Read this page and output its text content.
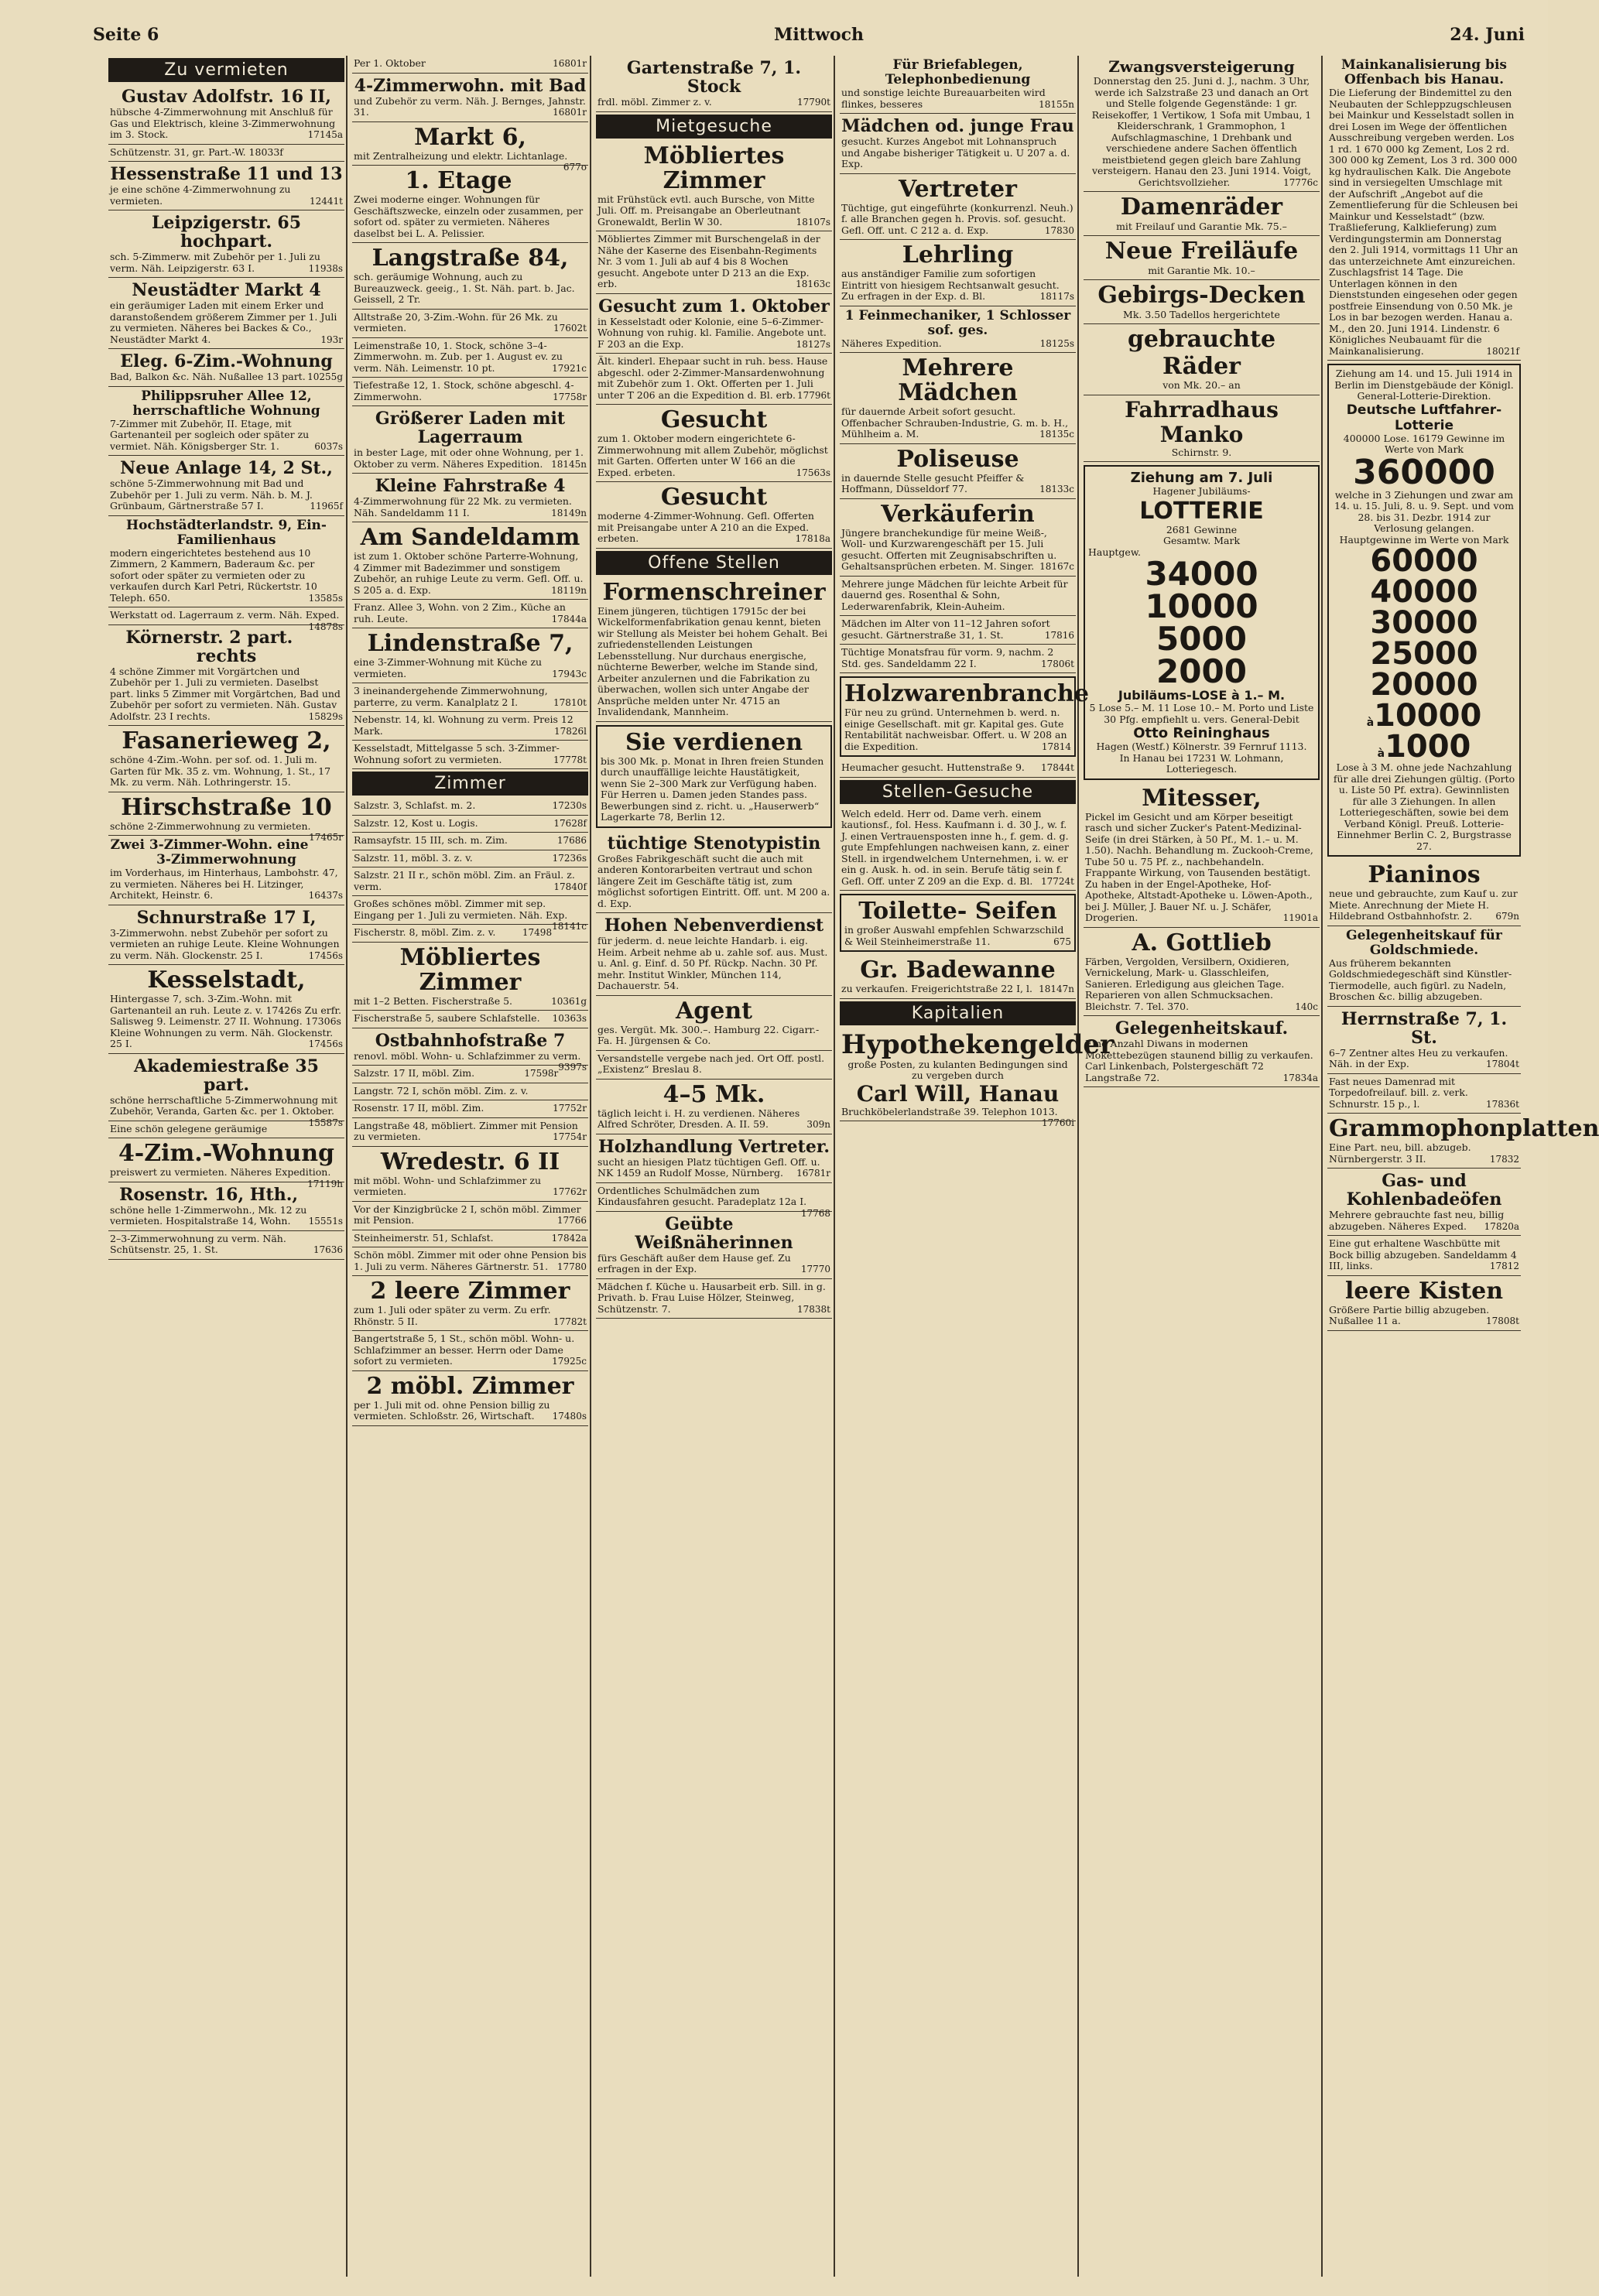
Seite 6	Mittwoch	24. Juni
Zu vermieten
Gustav Adolfstr. 16 II,
hübsche 4-Zimmerwohnung mit Anschluß für Gas und Elektrisch, kleine 3-Zimmerwohnung im 3. Stock.	17145a
Schützenstr. 31, gr. Part.-W. 18033f
Hessenstraße 11 und 13
je eine schöne 4-Zimmerwohnung zu vermieten.	12441t
Leipzigerstr. 65 hochpart.
sch. 5-Zimmerw. mit Zubehör per 1. Juli zu verm. Näh. Leipzigerstr. 63 I.	11938s
Neustädter Markt 4
ein geräumiger Laden mit einem Erker und daranstoßendem größerem Zimmer per 1. Juli zu vermieten. Näheres bei Backes & Co., Neustädter Markt 4.	193r
Eleg. 6-Zim.-Wohnung
Bad, Balkon &c. Näh. Nußallee 13 part. 10255g
Philippsruher Allee 12, herrschaftliche Wohnung
7-Zimmer mit Zubehör, II. Etage, mit Gartenanteil per sogleich oder später zu vermiet. Näh. Königsberger Str. 1.	6037s
Neue Anlage 14, 2 St.,
schöne 5-Zimmerwohnung mit Bad und Zubehör per 1. Juli zu verm. Näh. b. M. J. Grünbaum, Gärtnerstraße 57 I.	11965f
Hochstädterlandstr. 9, Ein-Familienhaus
modern eingerichtetes bestehend aus 10 Zimmern, 2 Kammern, Baderaum &c. per sofort oder später zu vermieten oder zu verkaufen durch Karl Petri, Rückertstr. 10 Teleph. 650.	13585s
Werkstatt od. Lagerraum z. verm. Näh. Exped.
14878s
Körnerstr. 2 part. rechts
4 schöne Zimmer mit Vorgärtchen und Zubehör per 1. Juli zu vermieten. Daselbst part. links 5 Zimmer mit Vorgärtchen, Bad und Zubehör per sofort zu vermieten. Näh. Gustav Adolfstr. 23 I rechts.	15829s
Fasanerieweg 2,
schöne 4-Zim.-Wohn. per sof. od. 1. Juli m. Garten für Mk. 35 z. vm. Wohnung, 1. St., 17 Mk. zu verm. Näh. Lothringerstr. 15.
Hirschstraße 10
schöne 2-Zimmerwohnung zu vermieten.
17465r
Zwei 3-Zimmer-Wohn. eine 3-Zimmerwohnung
im Vorderhaus, im Hinterhaus, Lambohstr. 47, zu vermieten. Näheres bei H. Litzinger, Architekt, Heinstr. 6.	16437s
Schnurstraße 17 I,
3-Zimmerwohn. nebst Zubehör per sofort zu vermieten an ruhige Leute. Kleine Wohnungen zu verm. Näh. Glockenstr. 25 I.	17456s
Kesselstadt,
Hintergasse 7, sch. 3-Zim.-Wohn. mit Gartenanteil an ruh. Leute z. v. 17426s Zu erfr. Salisweg 9. Leimenstr. 27 II. Wohnung. 17306s Kleine Wohnungen zu verm. Näh. Glockenstr. 25 I.	17456s
Akademiestraße 35 part.
schöne herrschaftliche 5-Zimmerwohnung mit Zubehör, Veranda, Garten &c. per 1. Oktober.
15587s
Eine schön gelegene geräumige
4-Zim.-Wohnung
preiswert zu vermieten. Näheres Expedition.
17119h
Rosenstr. 16, Hth.,
schöne helle 1-Zimmerwohn., Mk. 12 zu vermieten. Hospitalstraße 14, Wohn. 15551s
2–3-Zimmerwohnung zu verm. Näh. Schütsenstr. 25, 1. St.	17636
Per 1. Oktober	16801r
4-Zimmerwohn. mit Bad
und Zubehör zu verm. Näh. J. Bernges, Jahnstr. 31.	16801r
Markt 6,
mit Zentralheizung und elektr. Lichtanlage.
677o
1. Etage
Zwei moderne einger. Wohnungen für Geschäftszwecke, einzeln oder zusammen, per sofort od. später zu vermieten. Näheres daselbst bei L. A. Pelissier.
Langstraße 84,
sch. geräumige Wohnung, auch zu Bureauzweck. geeig., 1. St. Näh. part. b. Jac. Geissell, 2 Tr.
Alltstraße 20, 3-Zim.-Wohn. für 26 Mk. zu vermieten.	17602t
Leimenstraße 10, 1. Stock, schöne 3–4-Zimmerwohn. m. Zub. per 1. August ev. zu verm. Näh. Leimenstr. 10 pt.	17921c
Tiefestraße 12, 1. Stock, schöne abgeschl. 4-Zimmerwohn.	17758r
Größerer Laden mit Lagerraum
in bester Lage, mit oder ohne Wohnung, per 1. Oktober zu verm. Näheres Expedition. 18145n
Kleine Fahrstraße 4
4-Zimmerwohnung für 22 Mk. zu vermieten. Näh. Sandeldamm 11 I.	18149n
Am Sandeldamm
ist zum 1. Oktober schöne Parterre-Wohnung, 4 Zimmer mit Badezimmer und sonstigem Zubehör, an ruhige Leute zu verm. Gefl. Off. u. S 205 a. d. Exp.	18119n
Franz. Allee 3, Wohn. von 2 Zim., Küche an ruh. Leute.	17844a
Lindenstraße 7,
eine 3-Zimmer-Wohnung mit Küche zu vermieten.	17943c
3 ineinandergehende Zimmerwohnung, parterre, zu verm. Kanalplatz 2 I.	17810t
Nebenstr. 14, kl. Wohnung zu verm. Preis 12 Mark.	17826l
Kesselstadt, Mittelgasse 5 sch. 3-Zimmer-Wohnung sofort zu vermieten.	17778t
Zimmer
Salzstr. 3, Schlafst. m. 2.	17230s
Salzstr. 12, Kost u. Logis.	17628f
Ramsayfstr. 15 III, sch. m. Zim.	17686
Salzstr. 11, möbl. 3. z. v.	17236s
Salzstr. 21 II r., schön möbl. Zim. an Fräul. z. verm.	17840f
Großes schönes möbl. Zimmer mit sep. Eingang per 1. Juli zu vermieten. Näh. Exp.
18141c
Fischerstr. 8, möbl. Zim. z. v.	17498
Möbliertes Zimmer
mit 1–2 Betten. Fischerstraße 5.	10361g
Fischerstraße 5, saubere Schlafstelle. 10363s
Ostbahnhofstraße 7
renovl. möbl. Wohn- u. Schlafzimmer zu verm.
9397s
Salzstr. 17 II, möbl. Zim.	17598r
Langstr. 72 I, schön möbl. Zim. z. v.
Rosenstr. 17 II, möbl. Zim.	17752r
Langstraße 48, möbliert. Zimmer mit Pension zu vermieten.	17754r
Wredestr. 6 II
mit möbl. Wohn- und Schlafzimmer zu vermieten.	17762r
Vor der Kinzigbrücke 2 I, schön möbl. Zimmer mit Pension.	17766
Steinheimerstr. 51, Schlafst.	17842a
Schön möbl. Zimmer mit oder ohne Pension bis 1. Juli zu verm. Näheres Gärtnerstr. 51. 17780
2 leere Zimmer
zum 1. Juli oder später zu verm. Zu erfr. Rhönstr. 5 II.	17782t
Bangertstraße 5, 1 St., schön möbl. Wohn- u. Schlafzimmer an besser. Herrn oder Dame sofort zu vermieten.	17925c
2 möbl. Zimmer
per 1. Juli mit od. ohne Pension billig zu vermieten. Schloßstr. 26, Wirtschaft. 17480s
Gartenstraße 7, 1. Stock
frdl. möbl. Zimmer z. v.	17790t
Mietgesuche
Möbliertes Zimmer
mit Frühstück evtl. auch Bursche, von Mitte Juli. Off. m. Preisangabe an Oberleutnant Gronewaldt, Berlin W 30.	18107s
Möbliertes Zimmer mit Burschengelaß in der Nähe der Kaserne des Eisenbahn-Regiments Nr. 3 vom 1. Juli ab auf 4 bis 8 Wochen gesucht. Angebote unter D 213 an die Exp. erb.	18163c
Gesucht zum 1. Oktober
in Kesselstadt oder Kolonie, eine 5–6-Zimmer-Wohnung von ruhig. kl. Familie. Angebote unt. F 203 an die Exp.	18127s
Ält. kinderl. Ehepaar sucht in ruh. bess. Hause abgeschl. oder 2-Zimmer-Mansardenwohnung mit Zubehör zum 1. Okt. Offerten per 1. Juli unter T 206 an die Expedition d. Bl. erb. 17796t
Gesucht
zum 1. Oktober modern eingerichtete 6-Zimmerwohnung mit allem Zubehör, möglichst mit Garten. Offerten unter W 166 an die Exped. erbeten.	17563s
Gesucht
moderne 4-Zimmer-Wohnung. Gefl. Offerten mit Preisangabe unter A 210 an die Exped. erbeten.	17818a
Offene Stellen
Formenschreiner
Einem jüngeren, tüchtigen 17915c der bei Wickelformenfabrikation genau kennt, bieten wir Stellung als Meister bei hohem Gehalt. Bei zufriedenstellenden Leistungen Lebensstellung. Nur durchaus energische, nüchterne Bewerber, welche im Stande sind, Arbeiter anzulernen und die Fabrikation zu überwachen, wollen sich unter Angabe der Ansprüche melden unter Nr. 4715 an Invalidendank, Mannheim.
Sie verdienen
bis 300 Mk. p. Monat in Ihren freien Stunden durch unauffällige leichte Haustätigkeit, wenn Sie 2–300 Mark zur Verfügung haben. Für Herren u. Damen jeden Standes pass. Bewerbungen sind z. richt. u. „Hauserwerb“ Lagerkarte 78, Berlin 12.
tüchtige Stenotypistin
Großes Fabrikgeschäft sucht die auch mit anderen Kontorarbeiten vertraut und schon längere Zeit im Geschäfte tätig ist, zum möglichst sofortigen Eintritt. Off. unt. M 200 a. d. Exp.
Hohen Nebenverdienst
für jederm. d. neue leichte Handarb. i. eig. Heim. Arbeit nehme ab u. zahle sof. aus. Must. u. Anl. g. Einf. d. 50 Pf. Rückp. Nachn. 30 Pf. mehr. Institut Winkler, München 114, Dachauerstr. 54.
Agent
ges. Vergüt. Mk. 300.–. Hamburg 22. Cigarr.-Fa. H. Jürgensen & Co.
Versandstelle vergebe nach jed. Ort Off. postl. „Existenz“ Breslau 8.
4–5 Mk.
täglich leicht i. H. zu verdienen. Näheres Alfred Schröter, Dresden. A. II. 59.	309n
Holzhandlung Vertreter.
sucht an hiesigen Platz tüchtigen Gefl. Off. u. NK 1459 an Rudolf Mosse, Nürnberg. 16781r
Ordentliches Schulmädchen zum Kindausfahren gesucht. Paradeplatz 12a I.
17768
Geübte Weißnäherinnen
fürs Geschäft außer dem Hause gef. Zu erfragen in der Exp.	17770
Mädchen f. Küche u. Hausarbeit erb. Sill. in g. Privath. b. Frau Luise Hölzer, Steinweg, Schützenstr. 7.	17838t
Für Briefablegen, Telephonbedienung
und sonstige leichte Bureauarbeiten wird flinkes, besseres	18155n
Mädchen od. junge Frau
gesucht. Kurzes Angebot mit Lohnanspruch und Angabe bisheriger Tätigkeit u. U 207 a. d. Exp.
Vertreter
Tüchtige, gut eingeführte (konkurrenzl. Neuh.) f. alle Branchen gegen h. Provis. sof. gesucht. Gefl. Off. unt. C 212 a. d. Exp.	17830
Lehrling
aus anständiger Familie zum sofortigen Eintritt von hiesigem Rechtsanwalt gesucht. Zu erfragen in der Exp. d. Bl.	18117s
1 Feinmechaniker, 1 Schlosser sof. ges.
Näheres Expedition.	18125s
Mehrere Mädchen
für dauernde Arbeit sofort gesucht. Offenbacher Schrauben-Industrie, G. m. b. H., Mühlheim a. M.	18135c
Poliseuse
in dauernde Stelle gesucht Pfeiffer & Hoffmann, Düsseldorf 77.	18133c
Verkäuferin
Jüngere branchekundige für meine Weiß-, Woll- und Kurzwarengeschäft per 15. Juli gesucht. Offerten mit Zeugnisabschriften u. Gehaltsansprüchen erbeten. M. Singer. 18167c
Mehrere junge Mädchen für leichte Arbeit für dauernd ges. Rosenthal & Sohn, Lederwarenfabrik, Klein-Auheim.
Mädchen im Alter von 11–12 Jahren sofort gesucht. Gärtnerstraße 31, 1. St.	17816
Tüchtige Monatsfrau für vorm. 9, nachm. 2 Std. ges. Sandeldamm 22 I.	17806t
Holzwarenbranche
Für neu zu gründ. Unternehmen b. werd. n. einige Gesellschaft. mit gr. Kapital ges. Gute Rentabilität nachweisbar. Offert. u. W 208 an die Expedition.	17814
Heumacher gesucht. Huttenstraße 9. 17844t
Stellen-Gesuche
Welch edeld. Herr od. Dame verh. einem kautionsf., fol. Hess. Kaufmann i. d. 30 J., w. f. J. einen Vertrauensposten inne h., f. gem. d. g. gute Empfehlungen nachweisen kann, z. einer Stell. in irgendwelchem Unternehmen, i. w. er ein g. Ausk. h. od. in sein. Berufe tätig sein f. Gefl. Off. unter Z 209 an die Exp. d. Bl. 17724t
Toilette- Seifen
in großer Auswahl empfehlen Schwarzschild & Weil Steinheimerstraße 11.	675
Gr. Badewanne
zu verkaufen. Freigerichtstraße 22 I, l. 18147n
Kapitalien
Hypothekengelder
große Posten, zu kulanten Bedingungen sind zu vergeben durch
Carl Will, Hanau
Bruchköbelerlandstraße 39. Telephon 1013.
17760i
Zwangsversteigerung
Donnerstag den 25. Juni d. J., nachm. 3 Uhr, werde ich Salzstraße 23 und danach an Ort und Stelle folgende Gegenstände: 1 gr. Reisekoffer, 1 Vertikow, 1 Sofa mit Umbau, 1 Kleiderschrank, 1 Grammophon, 1 Aufschlagmaschine, 1 Drehbank und verschiedene andere Sachen öffentlich meistbietend gegen gleich bare Zahlung versteigern. Hanau den 23. Juni 1914. Voigt, Gerichtsvollzieher.	17776c
Damenräder
mit Freilauf und Garantie Mk. 75.–
Neue Freiläufe
mit Garantie Mk. 10.–
Gebirgs-Decken
Mk. 3.50 Tadellos hergerichtete
gebrauchte Räder
von Mk. 20.– an
Fahrradhaus Manko
Schirnstr. 9.
Ziehung am 7. Juli
Hagener Jubiläums-
LOTTERIE
2681 Gewinne
Gesamtw. Mark
Hauptgew.
34000
10000
5000
2000
Jubiläums-LOSE à 1.– M.
5 Lose 5.– M. 11 Lose 10.– M. Porto und Liste 30 Pfg. empfiehlt u. vers. General-Debit
Otto Reininghaus
Hagen (Westf.) Kölnerstr. 39 Fernruf 1113.
In Hanau bei 17231 W. Lohmann, Lotteriegesch.
Mitesser,
Pickel im Gesicht und am Körper beseitigt rasch und sicher Zucker's Patent-Medizinal-Seife (in drei Stärken, à 50 Pf., M. 1.– u. M. 1.50). Nachh. Behandlung m. Zuckooh-Creme, Tube 50 u. 75 Pf. z., nachbehandeln. Frappante Wirkung, von Tausenden bestätigt. Zu haben in der Engel-Apotheke, Hof-Apotheke, Altstadt-Apotheke u. Löwen-Apoth., bei J. Müller, J. Bauer Nf. u. J. Schäfer, Drogerien.	11901a
A. Gottlieb
Färben, Vergolden, Versilbern, Oxidieren, Vernickelung, Mark- u. Glasschleifen, Sanieren. Erledigung aus gleichen Tage. Reparieren von allen Schmucksachen. Bleichstr. 7. Tel. 370.	140c
Gelegenheitskauf.
Eine Anzahl Diwans in modernen Mokettebezügen staunend billig zu verkaufen. Carl Linkenbach, Polstergeschäft 72 Langstraße 72.	17834a
Mainkanalisierung bis Offenbach bis Hanau.
Die Lieferung der Bindemittel zu den Neubauten der Schleppzugschleusen bei Mainkur und Kesselstadt sollen in drei Losen im Wege der öffentlichen Ausschreibung vergeben werden. Los 1 rd. 1 670 000 kg Zement, Los 2 rd. 300 000 kg Zement, Los 3 rd. 300 000 kg hydraulischen Kalk. Die Angebote sind in versiegelten Umschlage mit der Aufschrift „Angebot auf die Zementlieferung für die Schleusen bei Mainkur und Kesselstadt“ (bzw. Traßlieferung, Kalklieferung) zum Verdingungstermin am Donnerstag den 2. Juli 1914, vormittags 11 Uhr an das unterzeichnete Amt einzureichen. Zuschlagsfrist 14 Tage. Die Unterlagen können in den Dienststunden eingesehen oder gegen postfreie Einsendung von 0.50 Mk. je Los in bar bezogen werden. Hanau a. M., den 20. Juni 1914. Lindenstr. 6 Königliches Neubauamt für die Mainkanalisierung.	18021f
Ziehung am 14. und 15. Juli 1914 in Berlin im Dienstgebäude der Königl. General-Lotterie-Direktion.
Deutsche Luftfahrer-Lotterie
400000 Lose. 16179 Gewinne im Werte von Mark
360000
welche in 3 Ziehungen und zwar am 14. u. 15. Juli, 8. u. 9. Sept. und vom 28. bis 31. Dezbr. 1914 zur Verlosung gelangen.
Hauptgewinne im Werte von Mark
60000
40000
30000
25000
20000
à10000
à1000
Lose à 3 M. ohne jede Nachzahlung für alle drei Ziehungen gültig. (Porto u. Liste 50 Pf. extra). Gewinnlisten für alle 3 Ziehungen. In allen Lotteriegeschäften, sowie bei dem Verband Königl. Preuß. Lotterie-Einnehmer Berlin C. 2, Burgstrasse 27.
Pianinos
neue und gebrauchte, zum Kauf u. zur Miete. Anrechnung der Miete H. Hildebrand Ostbahnhofstr. 2.	679n
Gelegenheitskauf für Goldschmiede.
Aus früherem bekannten Goldschmiedegeschäft sind Künstler-Tiermodelle, auch figürl. zu Nadeln, Broschen &c. billig abzugeben.
Herrnstraße 7, 1. St.
6–7 Zentner altes Heu zu verkaufen. Näh. in der Exp.	17804t
Fast neues Damenrad mit Torpedofreilauf. bill. z. verk. Schnurstr. 15 p., l.	17836t
Grammophonplatten
Eine Part. neu, bill. abzugeb. Nürnbergerstr. 3 II.	17832
Gas- und Kohlenbadeöfen
Mehrere gebrauchte fast neu, billig abzugeben. Näheres Exped. 17820a
Eine gut erhaltene Waschbütte mit Bock billig abzugeben. Sandeldamm 4 III, links.	17812
leere Kisten
Größere Partie billig abzugeben. Nußallee 11 a.	17808t
